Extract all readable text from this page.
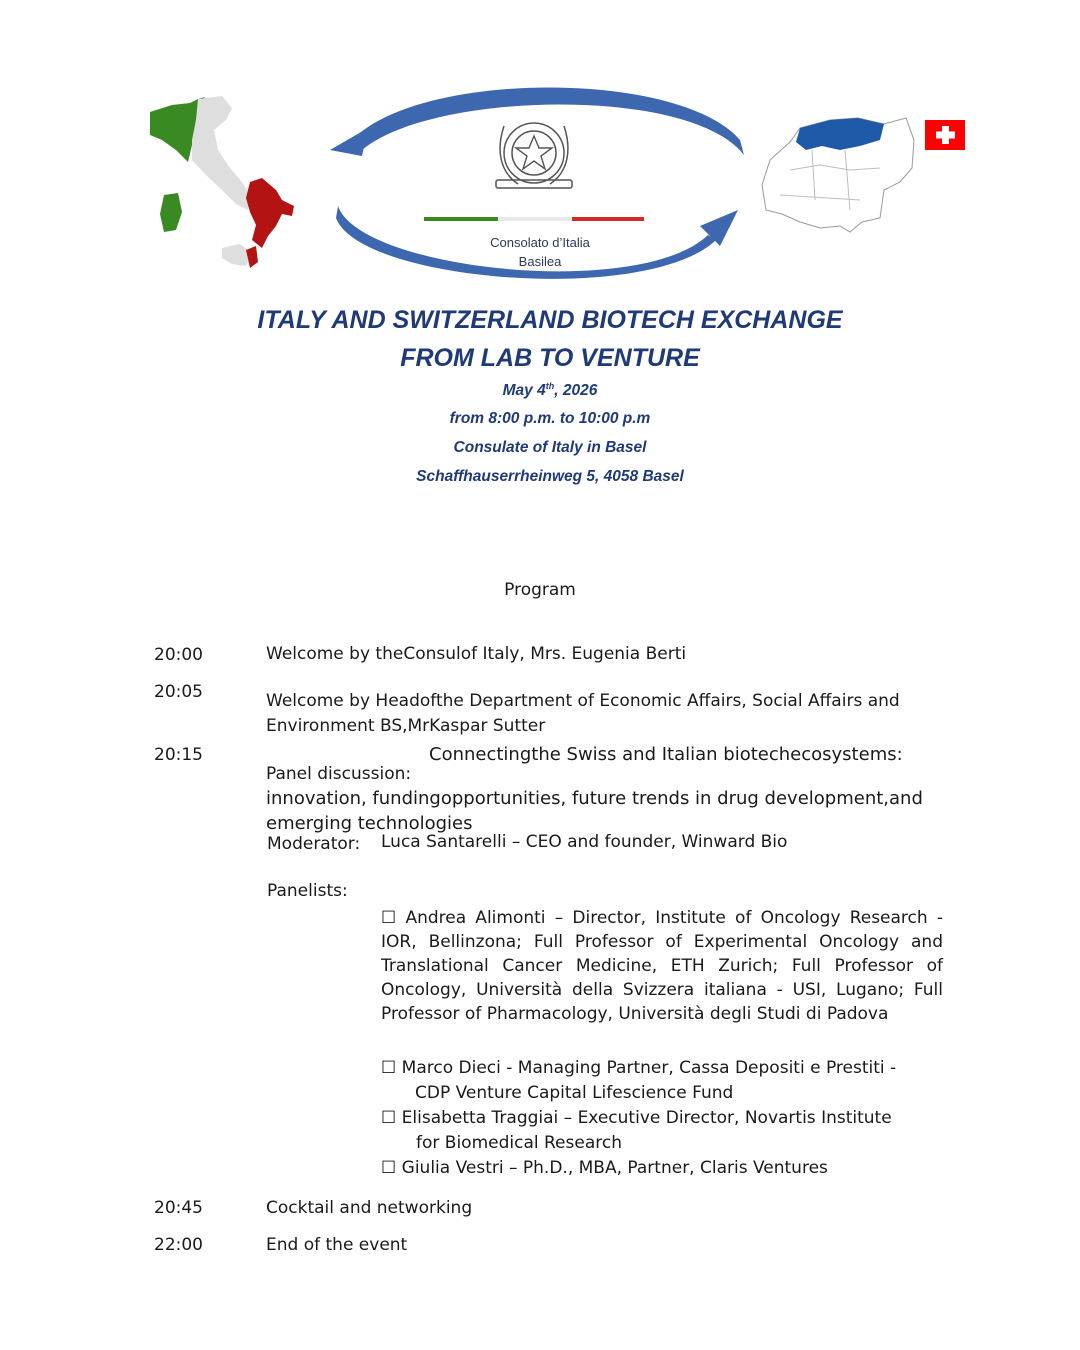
Consolato d’Italia
Basilea
ITALY AND SWITZERLAND BIOTECH EXCHANGE
FROM LAB TO VENTURE
May 4th, 2026
from 8:00 p.m. to 10:00 p.m
Consulate of Italy in Basel
Schaffhauserrheinweg 5, 4058 Basel
Program
20:00	Welcome by theConsulof Italy, Mrs. Eugenia Berti
20:05	Welcome by Headofthe Department of Economic Affairs, Social Affairs and
Environment BS,MrKaspar Sutter
20:15	Connectingthe Swiss and Italian biotechecosystems:
Panel discussion:
innovation, fundingopportunities, future trends in drug development,and
emerging technologies
Moderator: Luca Santarelli – CEO and founder, Winward Bio
Panelists:
☐ Andrea Alimonti – Director, Institute of Oncology Research - IOR, Bellinzona; Full Professor of Experimental Oncology and Translational Cancer Medicine, ETH Zurich; Full Professor of Oncology, Università della Svizzera italiana - USI, Lugano; Full Professor of Pharmacology, Università degli Studi di Padova
☐ Marco Dieci - Managing Partner, Cassa Depositi e Prestiti -
CDP Venture Capital Lifescience Fund
☐ Elisabetta Traggiai – Executive Director, Novartis Institute
for Biomedical Research
☐ Giulia Vestri – Ph.D., MBA, Partner, Claris Ventures
20:45	Cocktail and networking
22:00	End of the event
